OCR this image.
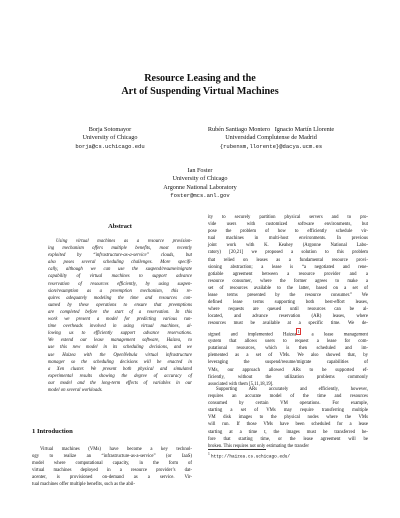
Resource Leasing and the
Art of Suspending Virtual Machines
Borja Sotomayor
University of Chicago
borja@cs.uchicago.edu
Rubén Santiago Montero   Ignacio Martín Llorente
Universidad Complutense de Madrid
{rubensm,llorente}@dacya.ucm.es
Ian Foster
University of Chicago
Argonne National Laboratory
foster@mcs.anl.gov
Abstract
Using virtual machines as a resource provision-
ing mechanism offers multiple benefits, most recently
exploited by “infrastructure-as-a-service” clouds, but
also poses several scheduling challenges. More specifi-
cally, although we can use the suspend/resume/migrate
capability of virtual machines to support advance
reservation of resources efficiently, by using suspen-
sion/resumption as a preemption mechanism, this re-
quires adequately modeling the time and resources con-
sumed by these operations to ensure that preemptions
are completed before the start of a reservation. In this
work we present a model for predicting various run-
time overheads involved in using virtual machines, al-
lowing us to efficiently support advance reservations.
We extend our lease management software, Haizea, to
use this new model in its scheduling decisions, and we
use Haizea with the OpenNebula virtual infrastructure
manager so the scheduling decisions will be enacted in
a Xen cluster. We present both physical and simulated
experimental results showing the degree of accuracy of
our model and the long-term effects of variables in our
model on several workloads.
1 Introduction
Virtual machines (VMs) have become a key technol-
ogy to realize an “infrastructure-as-a-service” (or IaaS)
model where computational capacity, in the form of
virtual machines deployed in a resource provider’s dat-
acenter, is provisioned on-demand as a service. Vir-
tual machines offer multiple benefits, such as the abil-
ity to securely partition physical servers and to pro-
vide users with customized software environments, but
pose the problem of how to efficiently schedule vir-
tual machines in multi-host environments. In previous
joint work with K. Keahey (Argonne National Labo-
ratory) [20,21] we proposed a solution to this problem
that relied on leases as a fundamental resource provi-
sioning abstraction; a lease is “a negotiated and rene-
gotiable agreement between a resource provider and a
resource consumer, where the former agrees to make a
set of resources available to the latter, based on a set of
lease terms presented by the resource consumer.” We
defined lease terms supporting both best-effort leases,
where requests are queued until resources can be al-
located, and advance reservation (AR) leases, where
resources must be available at a specific time. We de-
signed and implemented Haizea$^1$ a lease management
system that allows users to request a lease for com-
putational resources, which is then scheduled and im-
plemented as a set of VMs. We also showed that, by
leveraging the suspend/resume/migrate capabilities of
VMs, our approach allowed ARs to be supported ef-
ficiently, without the utilization problems commonly
associated with them [5,11,18,19].
Supporting ARs accurately and efficiently, however,
requires an accurate model of the time and resources
consumed by certain VM operations. For example,
starting a set of VMs may require transferring multiple
VM disk images to the physical nodes where the VMs
will run. If those VMs have been scheduled for a lease
starting at a time t, the images must be transferred be-
fore that starting time, or the lease agreement will be
broken. This requires not only estimating the transfer
$^1$ http://haizea.cs.uchicago.edu/
